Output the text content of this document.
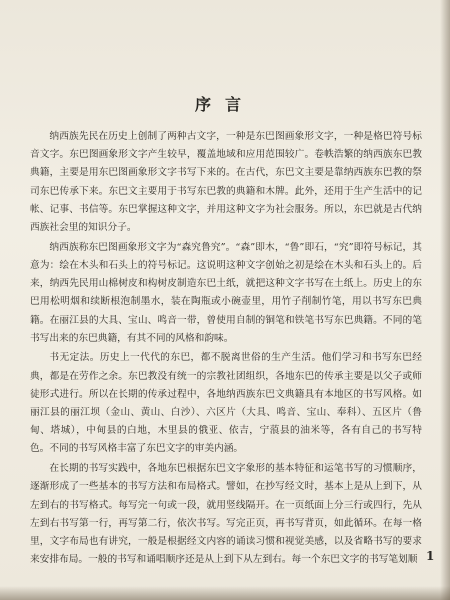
序言

纳西族先民在历史上创制了两种古文字，一种是东巴图画象形文字，一种是格巴符号标音文字。东巴图画象形文字产生较早，覆盖地域和应用范围较广。卷帙浩繁的纳西族东巴教典籍，主要是用东巴图画象形文字书写下来的。在古代，东巴文主要是靠纳西族东巴教的祭司东巴传承下来。东巴文主要用于书写东巴教的典籍和木牌。此外，还用于生产生活中的记帐、记事、书信等。东巴掌握这种文字，并用这种文字为社会服务。所以，东巴就是古代纳西族社会里的知识分子。

纳西族称东巴图画象形文字为“森究鲁究”。“森”即木，“鲁”即石，“究”即符号标记，其意为：绘在木头和石头上的符号标记。这说明这种文字创始之初是绘在木头和石头上的。后来，纳西先民用山棉树皮和构树皮制造东巴土纸，就把这种文字书写在土纸上。历史上的东巴用松明烟和续断根泡制墨水，装在陶瓶或小碗壶里，用竹子削制竹笔，用以书写东巴典籍。在丽江县的大具、宝山、鸣音一带，曾使用自制的铜笔和铁笔书写东巴典籍。不同的笔书写出来的东巴典籍，有其不同的风格和韵味。

书无定法。历史上一代代的东巴，都不脱离世俗的生产生活。他们学习和书写东巴经典，都是在劳作之余。东巴教没有统一的宗教社团组织，各地东巴的传承主要是以父子或师徒形式进行。所以在长期的传承过程中，各地纳西族东巴文典籍具有本地区的书写风格。如丽江县的丽江坝（金山、黄山、白沙）、六区片（大具、鸣音、宝山、奉科）、五区片（鲁甸、塔城），中甸县的白地，木里县的俄亚、依吉，宁蒗县的油米等，各有自己的书写特色。不同的书写风格丰富了东巴文字的审美内涵。

在长期的书写实践中，各地东巴根据东巴文字象形的基本特征和运笔书写的习惯顺序，逐渐形成了一些基本的书写方法和布局格式。譬如，在抄写经文时，基本上是从上到下，从左到右的书写格式。每写完一句或一段，就用竖线隔开。在一页纸面上分三行或四行，先从左到右书写第一行，再写第二行，依次书写。写完正页，再书写背页，如此循环。在每一格里，文字布局也有讲究，一般是根据经文内容的诵读习惯和视觉美感，以及省略书写的要求来安排布局。一般的书写和诵唱顺序还是从上到下从左到右。每一个东巴文字的书写笔划顺 1
